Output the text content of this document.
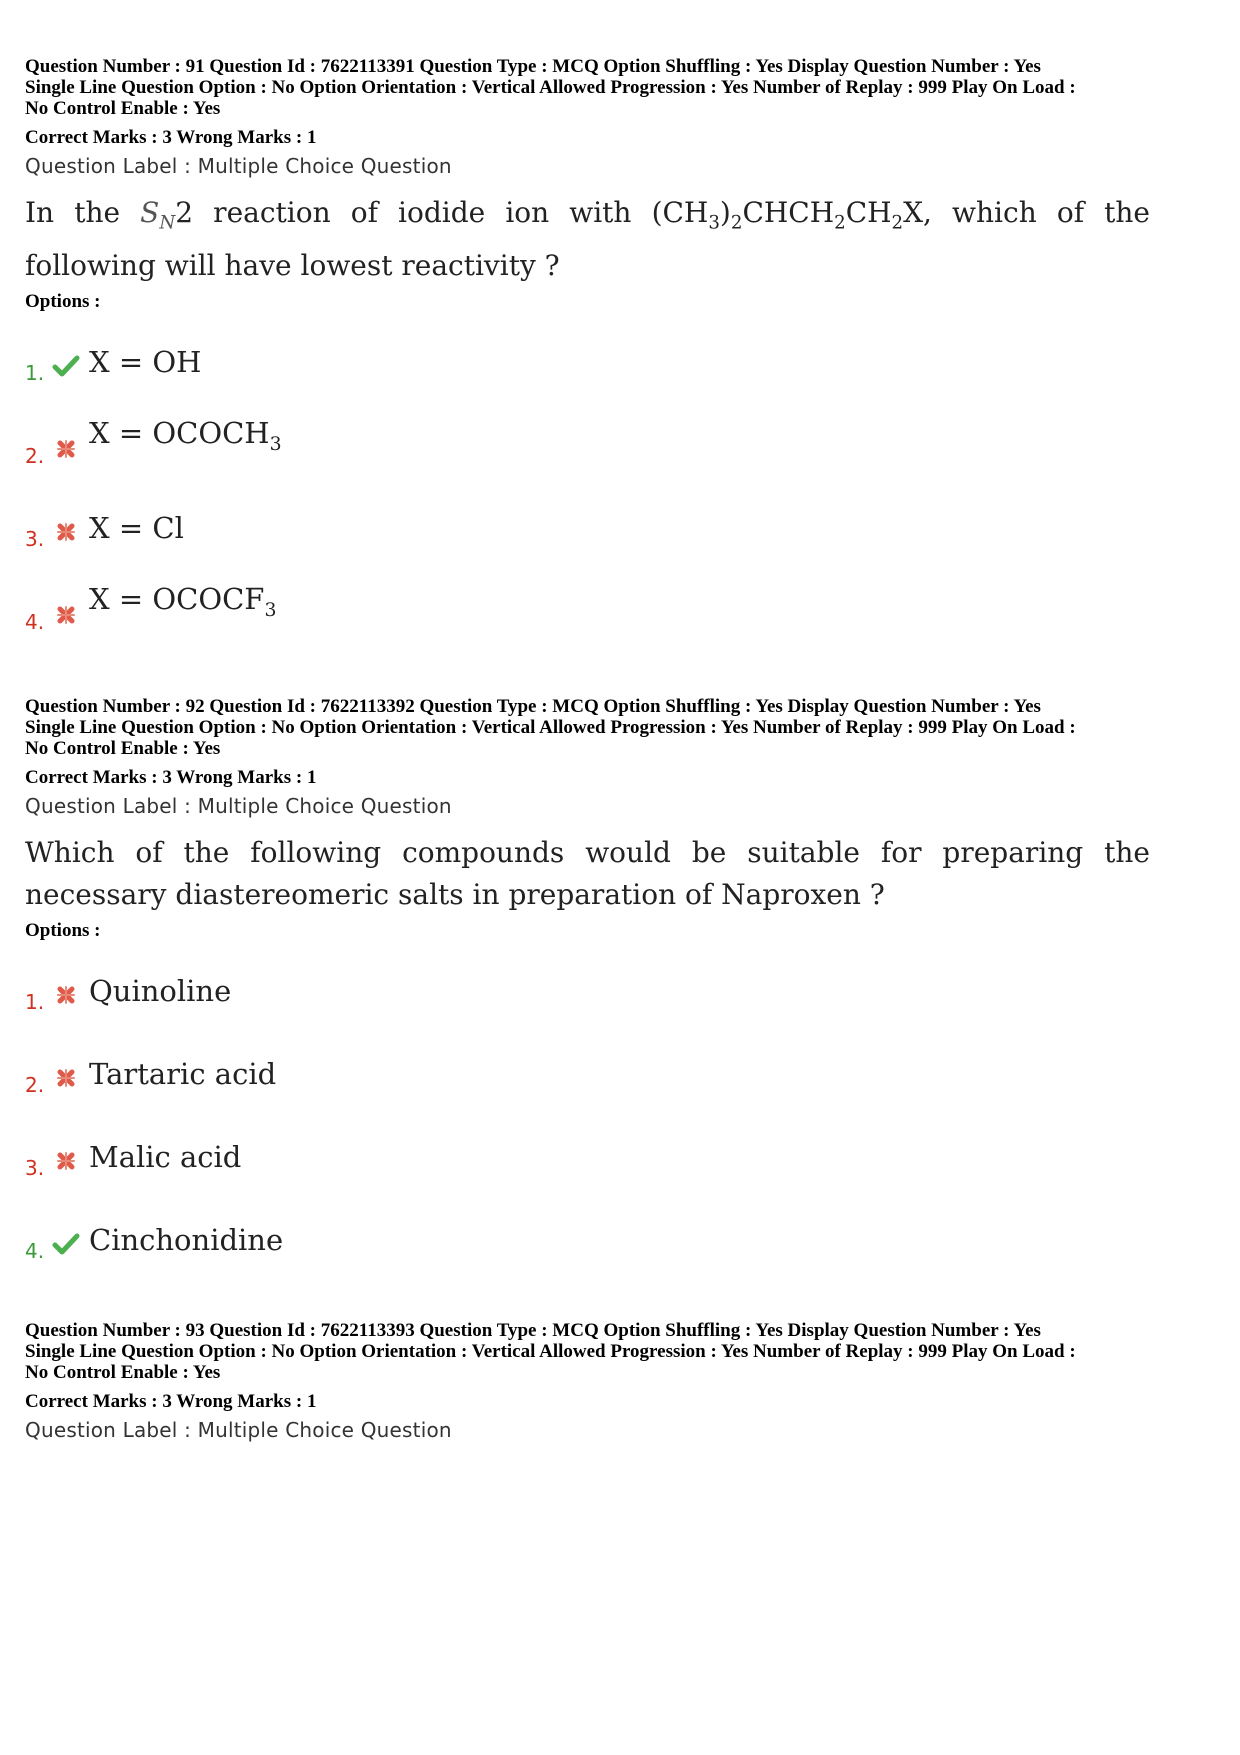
Question Number : 91 Question Id : 7622113391 Question Type : MCQ Option Shuffling : Yes Display Question Number : Yes
Single Line Question Option : No Option Orientation : Vertical Allowed Progression : Yes Number of Replay : 999 Play On Load :
No Control Enable : Yes
Correct Marks : 3 Wrong Marks : 1
Question Label : Multiple Choice Question
In the $S_N2$ reaction of iodide ion with $(CH_3)_2CHCH_2CH_2X$, which of the following will have lowest reactivity ?
Options :
1. X = OH
2.
$X = OCOCH_3$
3. X = Cl
4.
$X = OCOCF_3$
Question Number : 92 Question Id : 7622113392 Question Type : MCQ Option Shuffling : Yes Display Question Number : Yes
Single Line Question Option : No Option Orientation : Vertical Allowed Progression : Yes Number of Replay : 999 Play On Load :
No Control Enable : Yes
Correct Marks : 3 Wrong Marks : 1
Question Label : Multiple Choice Question
Which of the following compounds would be suitable for preparing the necessary diastereomeric salts in preparation of Naproxen ?
Options :
1. Quinoline
2. Tartaric acid
3. Malic acid
4. Cinchonidine
Question Number : 93 Question Id : 7622113393 Question Type : MCQ Option Shuffling : Yes Display Question Number : Yes
Single Line Question Option : No Option Orientation : Vertical Allowed Progression : Yes Number of Replay : 999 Play On Load :
No Control Enable : Yes
Correct Marks : 3 Wrong Marks : 1
Question Label : Multiple Choice Question
